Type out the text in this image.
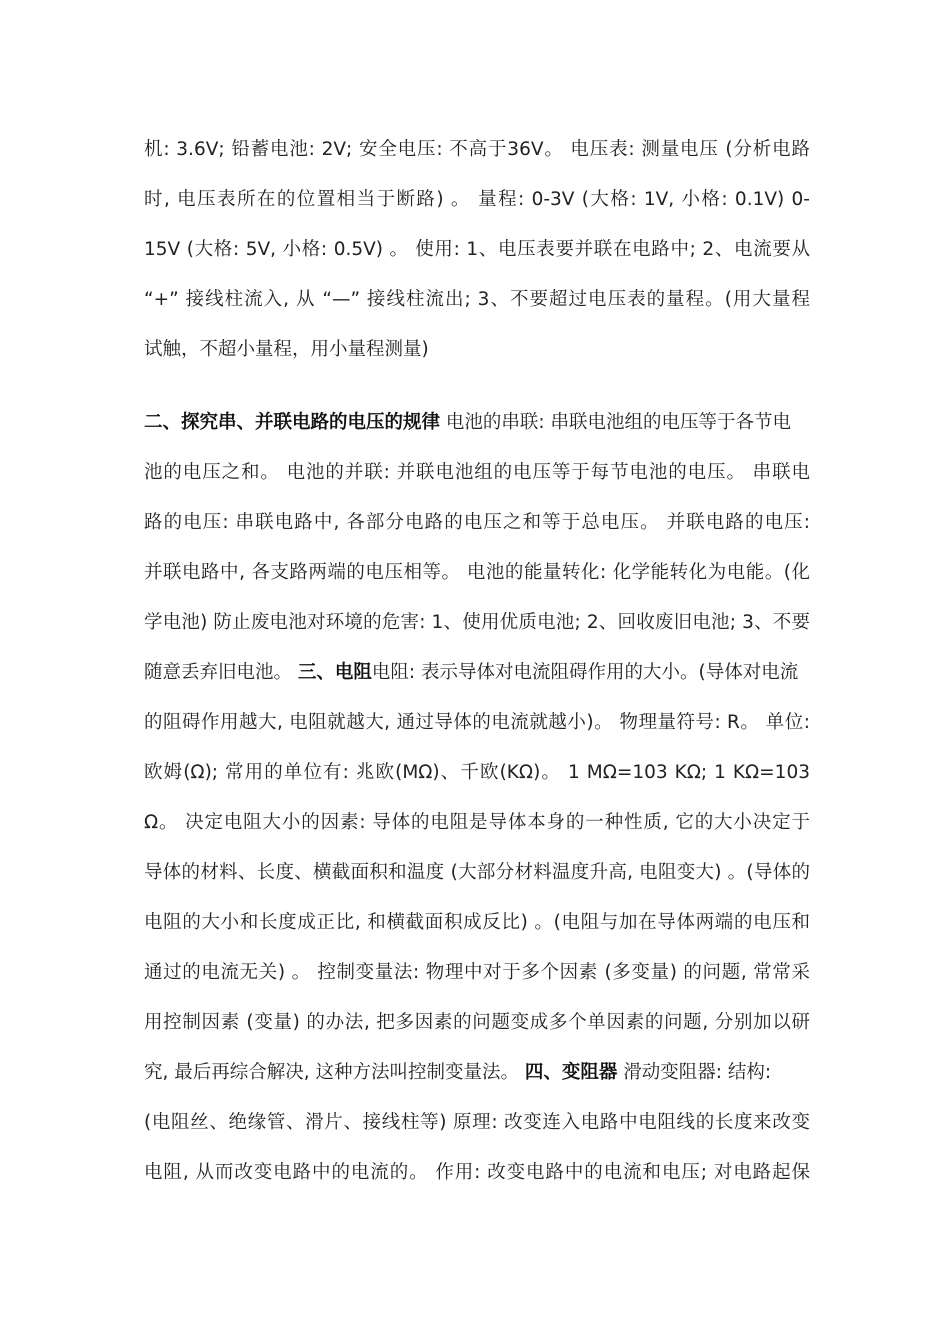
机: 3.6V; 铅蓄电池: 2V; 安全电压: 不高于36V。 电压表: 测量电压 (分析电路
时, 电压表所在的位置相当于断路) 。 量程: 0-3V (大格: 1V, 小格: 0.1V) 0-
15V (大格: 5V, 小格: 0.5V) 。 使用: 1、电压表要并联在电路中; 2、电流要从
“+” 接线柱流入, 从 “—” 接线柱流出; 3、不要超过电压表的量程。(用大量程
试触，不超小量程，用小量程测量)
二、探究串、并联电路的电压的规律 电池的串联: 串联电池组的电压等于各节电
池的电压之和。 电池的并联: 并联电池组的电压等于每节电池的电压。 串联电
路的电压: 串联电路中, 各部分电路的电压之和等于总电压。 并联电路的电压:
并联电路中, 各支路两端的电压相等。 电池的能量转化: 化学能转化为电能。(化
学电池) 防止废电池对环境的危害: 1、使用优质电池; 2、回收废旧电池; 3、不要
随意丢弃旧电池。 三、电阻电阻: 表示导体对电流阻碍作用的大小。(导体对电流
的阻碍作用越大, 电阻就越大, 通过导体的电流就越小)。 物理量符号: R。 单位:
欧姆(Ω); 常用的单位有: 兆欧(MΩ)、千欧(KΩ)。 1 MΩ=103 KΩ; 1 KΩ=103
Ω。 决定电阻大小的因素: 导体的电阻是导体本身的一种性质, 它的大小决定于
导体的材料、长度、横截面积和温度 (大部分材料温度升高, 电阻变大) 。(导体的
电阻的大小和长度成正比, 和横截面积成反比) 。(电阻与加在导体两端的电压和
通过的电流无关) 。 控制变量法: 物理中对于多个因素 (多变量) 的问题, 常常采
用控制因素 (变量) 的办法, 把多因素的问题变成多个单因素的问题, 分别加以研
究, 最后再综合解决, 这种方法叫控制变量法。 四、变阻器 滑动变阻器: 结构:
(电阻丝、绝缘管、滑片、接线柱等) 原理: 改变连入电路中电阻线的长度来改变
电阻, 从而改变电路中的电流的。 作用: 改变电路中的电流和电压; 对电路起保
